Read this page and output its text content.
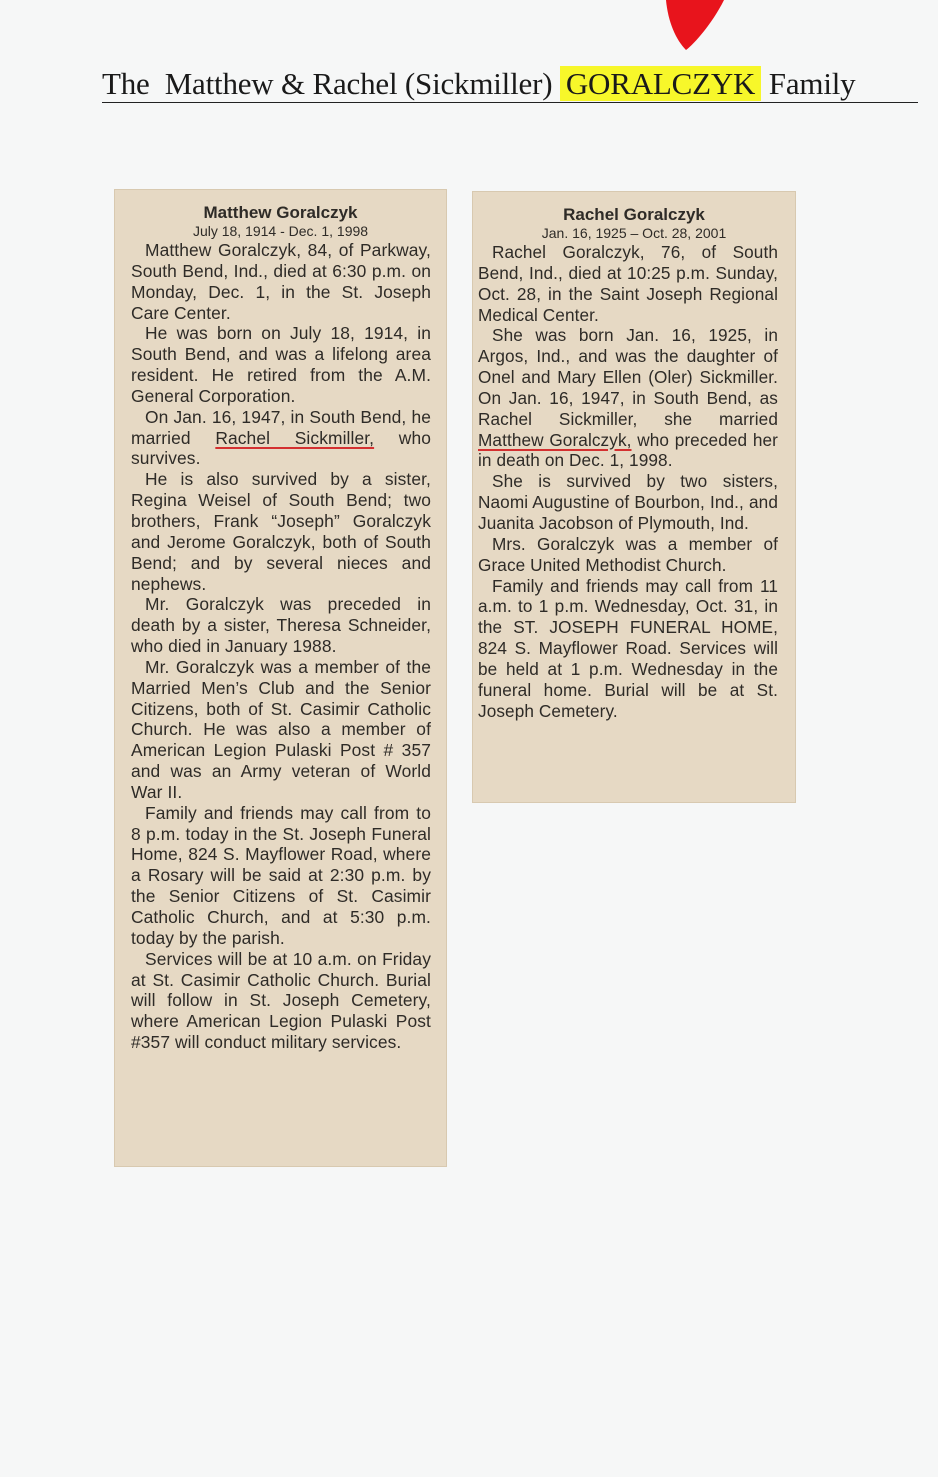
The  Matthew & Rachel (Sickmiller) GORALCZYK Family
Matthew Goralczyk
July 18, 1914 - Dec. 1, 1998

Matthew Goralczyk, 84, of Parkway, South Bend, Ind., died at 6:30 p.m. on Monday, Dec. 1, in the St. Joseph Care Center.

He was born on July 18, 1914, in South Bend, and was a lifelong area resident. He retired from the A.M. General Corporation.

On Jan. 16, 1947, in South Bend, he married Rachel Sickmiller, who survives.

He is also survived by a sister, Regina Weisel of South Bend; two brothers, Frank “Joseph” Goralczyk and Jerome Goralczyk, both of South Bend; and by several nieces and nephews.

Mr. Goralczyk was preceded in death by a sister, Theresa Schneider, who died in January 1988.

Mr. Goralczyk was a member of the Married Men’s Club and the Senior Citizens, both of St. Casimir Catholic Church. He was also a member of American Legion Pulaski Post # 357 and was an Army veteran of World War II.

Family and friends may call from to 8 p.m. today in the St. Joseph Funeral Home, 824 S. Mayflower Road, where a Rosary will be said at 2:30 p.m. by the Senior Citizens of St. Casimir Catholic Church, and at 5:30 p.m. today by the parish.

Services will be at 10 a.m. on Friday at St. Casimir Catholic Church. Burial will follow in St. Joseph Cemetery, where American Legion Pulaski Post #357 will conduct military services.

Rachel Goralczyk
Jan. 16, 1925 – Oct. 28, 2001

Rachel Goralczyk, 76, of South Bend, Ind., died at 10:25 p.m. Sunday, Oct. 28, in the Saint Joseph Regional Medical Center.

She was born Jan. 16, 1925, in Argos, Ind., and was the daughter of Onel and Mary Ellen (Oler) Sickmiller. On Jan. 16, 1947, in South Bend, as Rachel Sickmiller, she married Matthew Goralczyk, who preceded her in death on Dec. 1, 1998.

She is survived by two sisters, Naomi Augustine of Bourbon, Ind., and Juanita Jacobson of Plymouth, Ind.

Mrs. Goralczyk was a member of Grace United Methodist Church.

Family and friends may call from 11 a.m. to 1 p.m. Wednesday, Oct. 31, in the ST. JOSEPH FUNERAL HOME, 824 S. Mayflower Road. Services will be held at 1 p.m. Wednesday in the funeral home. Burial will be at St. Joseph Cemetery.
